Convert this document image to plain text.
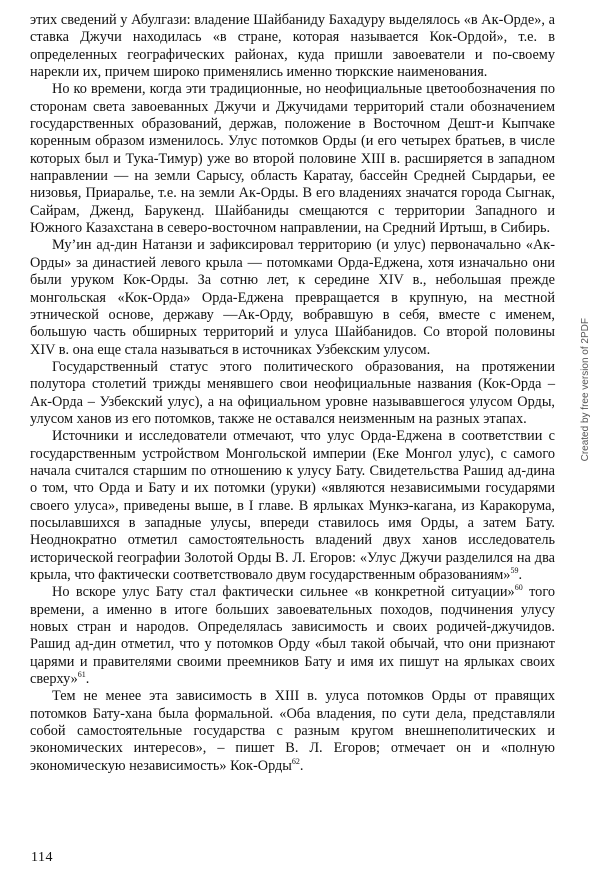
этих сведений у Абулгази: владение Шайбаниду Бахадуру выделялось «в Ак-Орде», а ставка Джучи находилась «в стране, которая называется Кок-Ордой», т.е. в определенных географических районах, куда пришли завоеватели и по-своему нарекли их, причем широко применялись именно тюркские наименования.

Но ко времени, когда эти традиционные, но неофициальные цветообозначения по сторонам света завоеванных Джучи и Джучидами территорий стали обозначением государственных образований, держав, положение в Восточном Дешт-и Кыпчаке коренным образом изменилось. Улус потомков Орды (и его четырех братьев, в числе которых был и Тука-Тимур) уже во второй половине XIII в. расширяется в западном направлении — на земли Сарысу, область Каратау, бассейн Средней Сырдарьи, ее низовья, Приаралье, т.е. на земли Ак-Орды. В его владениях значатся города Сыгнак, Сайрам, Дженд, Барукенд. Шайбаниды смещаются с территории Западного и Южного Казахстана в северо-восточном направлении, на Средний Иртыш, в Сибирь.

Му’ин ад-дин Натанзи и зафиксировал территорию (и улус) первоначально «Ак-Орды» за династией левого крыла — потомками Орда-Еджена, хотя изначально они были уруком Кок-Орды. За сотню лет, к середине XIV в., небольшая прежде монгольская «Кок-Орда» Орда-Еджена превращается в крупную, на местной этнической основе, державу —Ак-Орду, вобравшую в себя, вместе с именем, большую часть обширных территорий и улуса Шайбанидов. Со второй половины XIV в. она еще стала называться в источниках Узбекским улусом.

Государственный статус этого политического образования, на протяжении полутора столетий трижды менявшего свои неофициальные названия (Кок-Орда – Ак-Орда – Узбекский улус), а на официальном уровне называвшегося улусом Орды, улусом ханов из его потомков, также не оставался неизменным на разных этапах.

Источники и исследователи отмечают, что улус Орда-Еджена в соответствии с государственным устройством Монгольской империи (Еке Монгол улус), с самого начала считался старшим по отношению к улусу Бату. Свидетельства Рашид ад-дина о том, что Орда и Бату и их потомки (уруки) «являются независимыми государями своего улуса», приведены выше, в I главе. В ярлыках Мункэ-кагана, из Каракорума, посылавшихся в западные улусы, впереди ставилось имя Орды, а затем Бату. Неоднократно отметил самостоятельность владений двух ханов исследователь исторической географии Золотой Орды В. Л. Егоров: «Улус Джучи разделился на два крыла, что фактически соответствовало двум государственным образованиям»$^{59}$.

Но вскоре улус Бату стал фактически сильнее «в конкретной ситуации»$^{60}$ того времени, а именно в итоге больших завоевательных походов, подчинения улусу новых стран и народов. Определялась зависимость и своих родичей-джучидов. Рашид ад-дин отметил, что у потомков Орду «был такой обычай, что они признают царями и правителями своими преемников Бату и имя их пишут на ярлыках своих сверху»$^{61}$.

Тем не менее эта зависимость в XIII в. улуса потомков Орды от правящих потомков Бату-хана была формальной. «Оба владения, по сути дела, представляли собой самостоятельные государства с разным кругом внешнеполитических и экономических интересов», – пишет В. Л. Егоров; отмечает он и «полную экономическую независимость» Кок-Орды$^{62}$.

114
Created by free version of 2PDF
